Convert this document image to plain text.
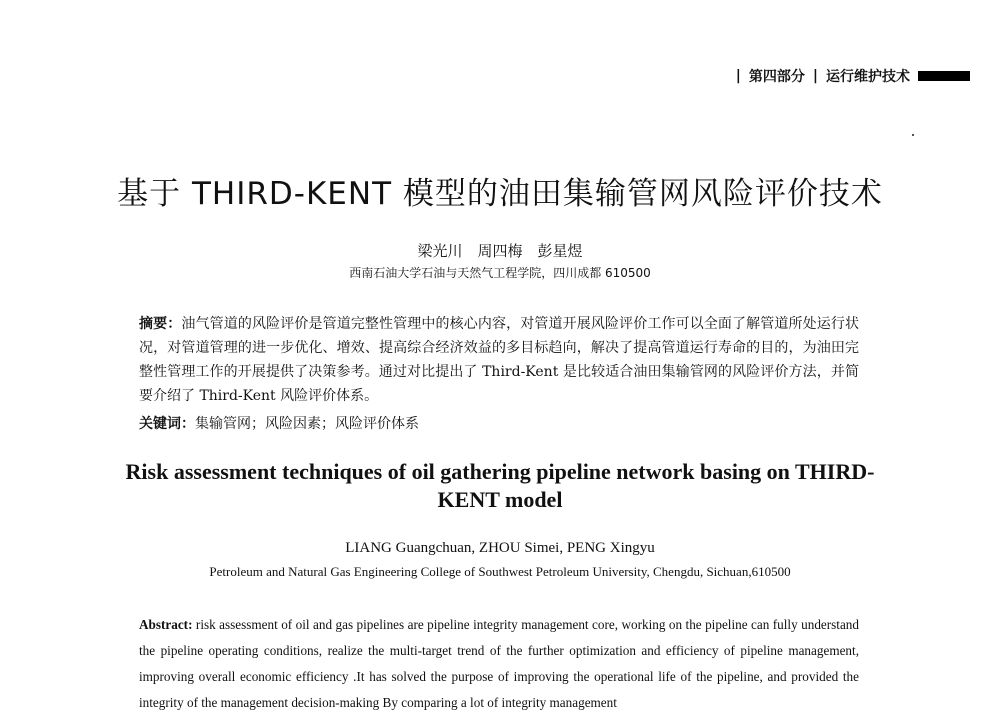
| 第四部分 | 运行维护技术
基于 THIRD-KENT 模型的油田集输管网风险评价技术
梁光川　周四梅　彭星煜
西南石油大学石油与天然气工程学院，四川成都 610500
摘要：油气管道的风险评价是管道完整性管理中的核心内容，对管道开展风险评价工作可以全面了解管道所处运行状况，对管道管理的进一步优化、增效、提高综合经济效益的多目标趋向，解决了提高管道运行寿命的目的，为油田完整性管理工作的开展提供了决策参考。通过对比提出了 Third-Kent 是比较适合油田集输管网的风险评价方法，并简要介绍了 Third-Kent 风险评价体系。
关键词：集输管网；风险因素；风险评价体系
Risk assessment techniques of oil gathering pipeline network basing on THIRD-KENT model
LIANG Guangchuan, ZHOU Simei, PENG Xingyu
Petroleum and Natural Gas Engineering College of Southwest Petroleum University, Chengdu, Sichuan,610500
Abstract: risk assessment of oil and gas pipelines are pipeline integrity management core, working on the pipeline can fully understand the pipeline operating conditions, realize the multi-target trend of the further optimization and efficiency of pipeline management, improving overall economic efficiency .It has solved the purpose of improving the operational life of the pipeline, and provided the integrity of the management decision-making By comparing a lot of integrity management
